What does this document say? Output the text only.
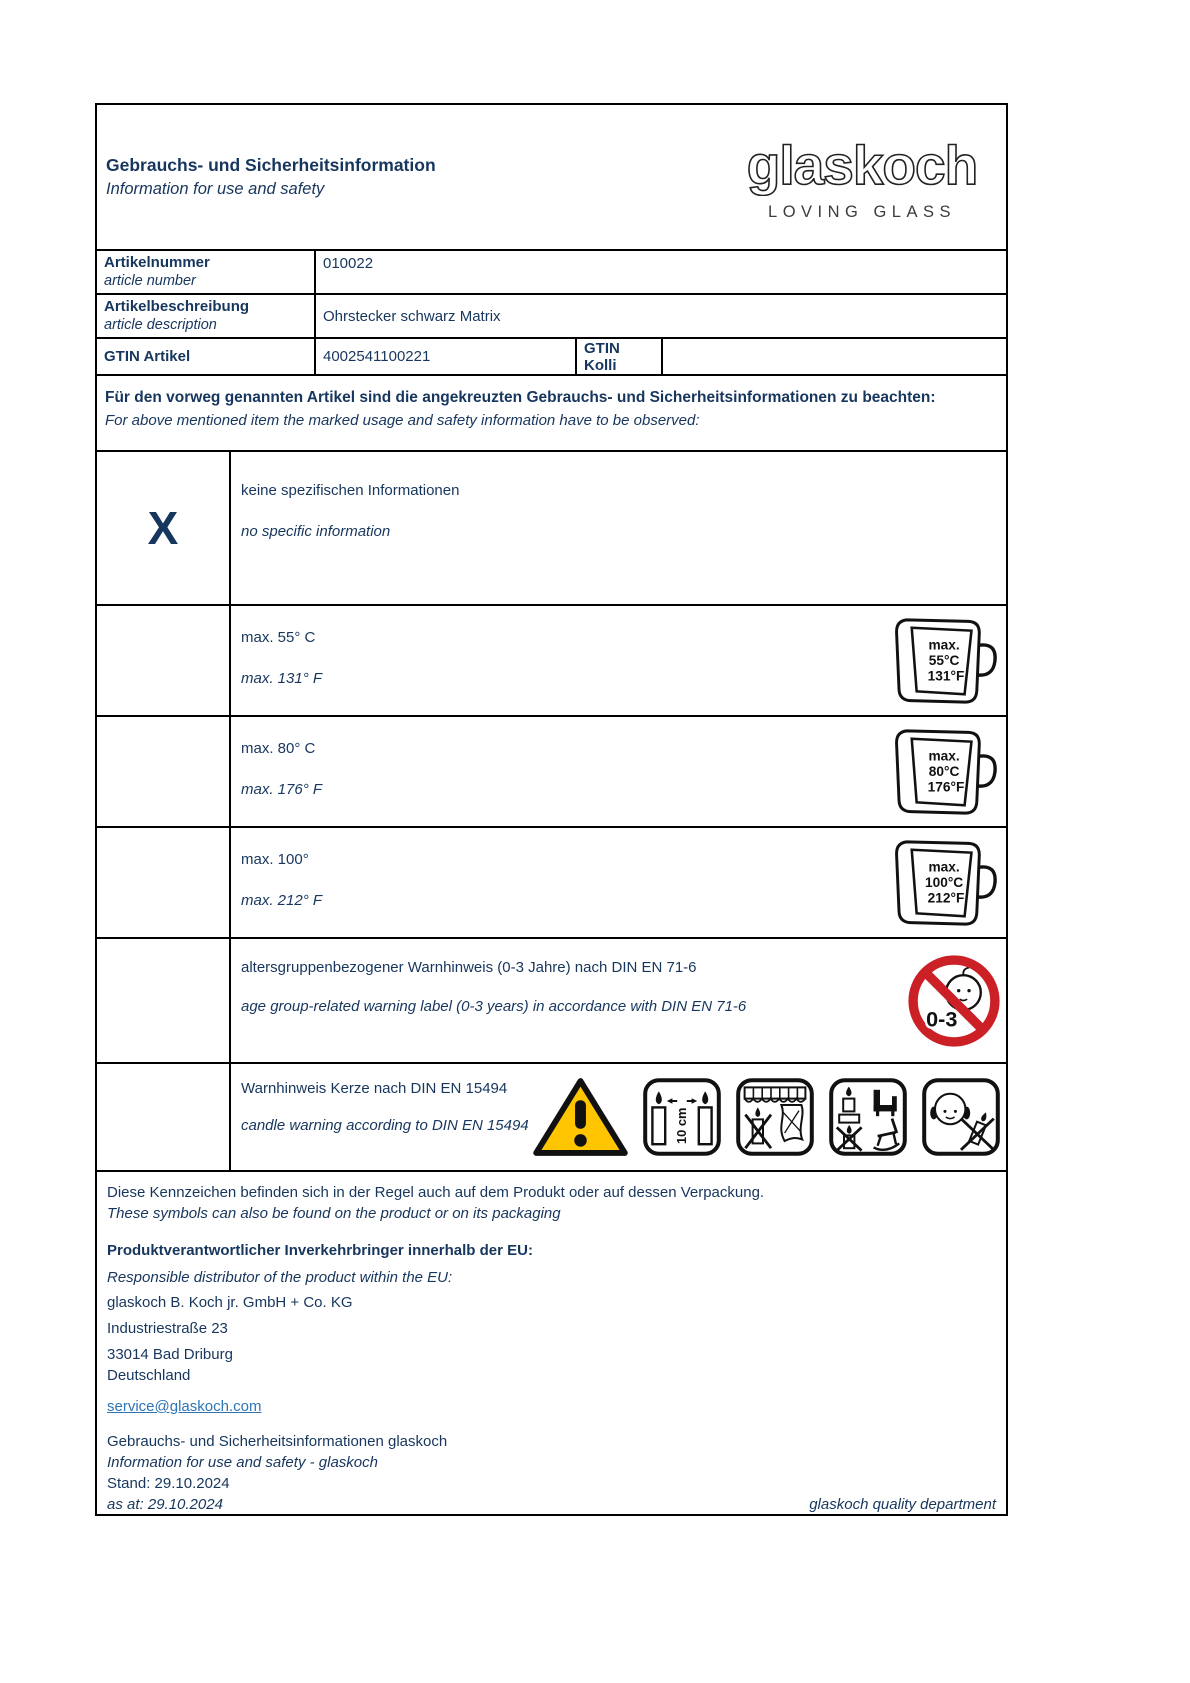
Gebrauchs- und Sicherheitsinformation
Information for use and safety	glaskoch
LOVING GLASS
Artikelnummer
article number
010022
Artikelbeschreibung
article description
Ohrstecker schwarz Matrix
GTIN Artikel	4002541100221	GTIN Kolli
Für den vorweg genannten Artikel sind die angekreuzten Gebrauchs- und Sicherheitsinformationen zu beachten:
For above mentioned item the marked usage and safety information have to be observed:
X
keine spezifischen Informationen
no specific information
max. 55° C
max. 131° F
max. 55°C 131°F
max. 80° C
max. 176° F
max. 80°C 176°F
max. 100°
max. 212° F
max. 100°C 212°F
altersgruppenbezogener Warnhinweis (0-3 Jahre) nach DIN EN 71-6
age group-related warning label (0-3 years) in accordance with DIN EN 71-6	0-3
Warnhinweis Kerze nach DIN EN 15494
candle warning according to DIN EN 15494	10 cm
Diese Kennzeichen befinden sich in der Regel auch auf dem Produkt oder auf dessen Verpackung.
These symbols can also be found on the product or on its packaging
Produktverantwortlicher Inverkehrbringer innerhalb der EU:
Responsible distributor of the product within the EU:
glaskoch B. Koch jr. GmbH + Co. KG
Industriestraße 23
33014 Bad Driburg
Deutschland
service@glaskoch.com
Gebrauchs- und Sicherheitsinformationen glaskoch
Information for use and safety - glaskoch
Stand: 29.10.2024
as at: 29.10.2024	glaskoch quality department
